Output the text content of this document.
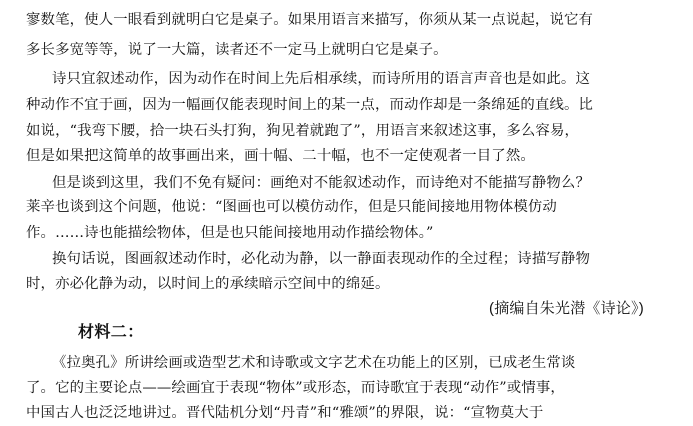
寥数笔，使人一眼看到就明白它是桌子。如果用语言来描写，你须从某一点说起，说它有
多长多宽等等，说了一大篇，读者还不一定马上就明白它是桌子。
诗只宜叙述动作，因为动作在时间上先后相承续，而诗所用的语言声音也是如此。这
种动作不宜于画，因为一幅画仅能表现时间上的某一点，而动作却是一条绵延的直线。比
如说，“我弯下腰，拾一块石头打狗，狗见着就跑了”，用语言来叙述这事，多么容易，
但是如果把这简单的故事画出来，画十幅、二十幅，也不一定使观者一目了然。
但是谈到这里，我们不免有疑问：画绝对不能叙述动作，而诗绝对不能描写静物么？
莱辛也谈到这个问题，他说：“图画也可以模仿动作，但是只能间接地用物体模仿动
作。……诗也能描绘物体，但是也只能间接地用动作描绘物体。”
换句话说，图画叙述动作时，必化动为静，以一静面表现动作的全过程；诗描写静物
时，亦必化静为动，以时间上的承续暗示空间中的绵延。
(摘编自朱光潜《诗论》)
材料二：
《拉奥孔》所讲绘画或造型艺术和诗歌或文字艺术在功能上的区别，已成老生常谈
了。它的主要论点——绘画宜于表现“物体”或形态，而诗歌宜于表现“动作”或情事，
中国古人也泛泛地讲过。晋代陆机分划“丹青”和“雅颂”的界限，说：“宣物莫大于
